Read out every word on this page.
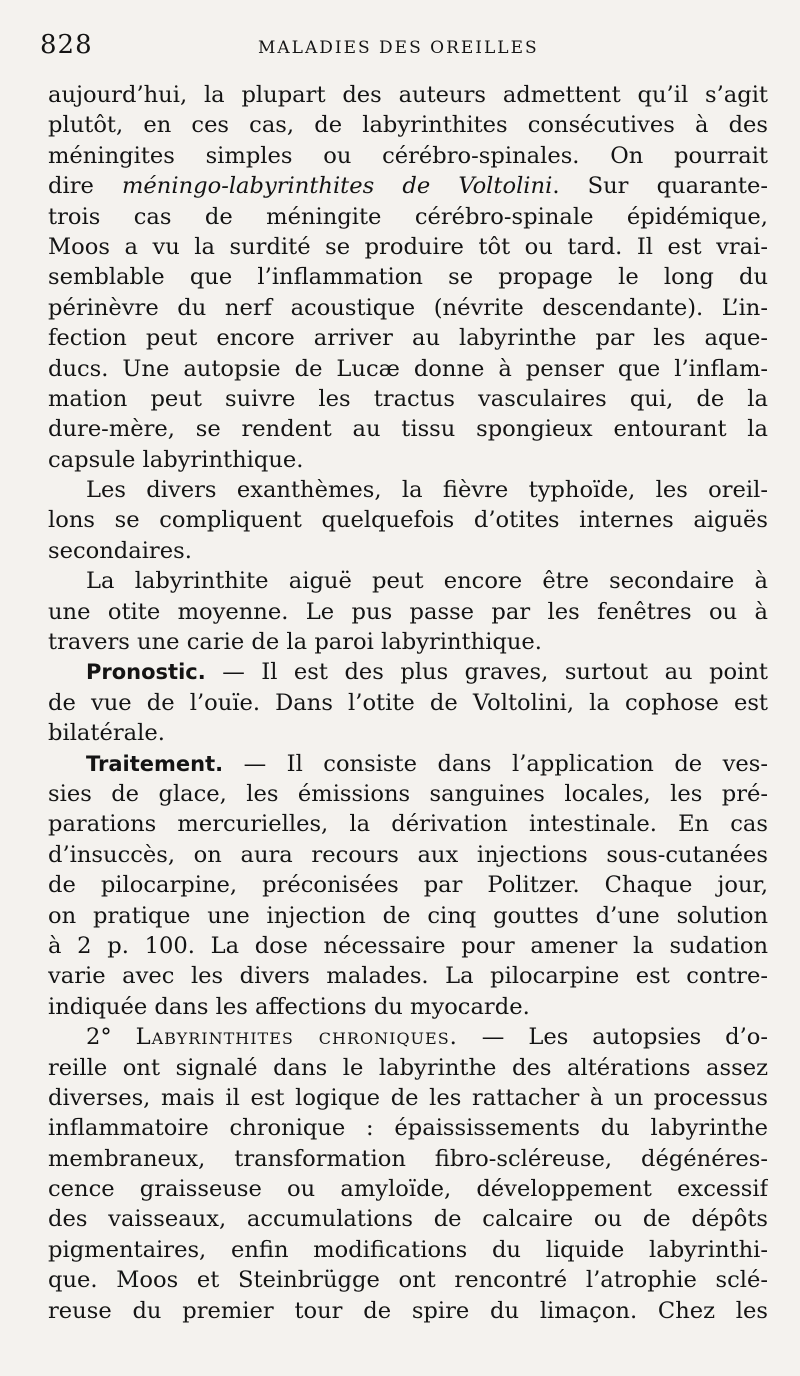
828	MALADIES DES OREILLES
aujourd’hui, la plupart des auteurs admettent qu’il s’agit
plutôt, en ces cas, de labyrinthites consécutives à des
méningites simples ou cérébro-spinales. On pourrait
dire méningo-labyrinthites de Voltolini. Sur quarante-
trois cas de méningite cérébro-spinale épidémique,
Moos a vu la surdité se produire tôt ou tard. Il est vrai-
semblable que l’inflammation se propage le long du
périnèvre du nerf acoustique (névrite descendante). L’in-
fection peut encore arriver au labyrinthe par les aque-
ducs. Une autopsie de Lucæ donne à penser que l’inflam-
mation peut suivre les tractus vasculaires qui, de la
dure-mère, se rendent au tissu spongieux entourant la
capsule labyrinthique.
Les divers exanthèmes, la fièvre typhoïde, les oreil-
lons se compliquent quelquefois d’otites internes aiguës
secondaires.
La labyrinthite aiguë peut encore être secondaire à
une otite moyenne. Le pus passe par les fenêtres ou à
travers une carie de la paroi labyrinthique.
Pronostic. — Il est des plus graves, surtout au point
de vue de l’ouïe. Dans l’otite de Voltolini, la cophose est
bilatérale.
Traitement. — Il consiste dans l’application de ves-
sies de glace, les émissions sanguines locales, les pré-
parations mercurielles, la dérivation intestinale. En cas
d’insuccès, on aura recours aux injections sous-cutanées
de pilocarpine, préconisées par Politzer. Chaque jour,
on pratique une injection de cinq gouttes d’une solution
à 2 p. 100. La dose nécessaire pour amener la sudation
varie avec les divers malades. La pilocarpine est contre-
indiquée dans les affections du myocarde.
2° Labyrinthites chroniques. — Les autopsies d’o-
reille ont signalé dans le labyrinthe des altérations assez
diverses, mais il est logique de les rattacher à un processus
inflammatoire chronique : épaississements du labyrinthe
membraneux, transformation fibro-scléreuse, dégénéres-
cence graisseuse ou amyloïde, développement excessif
des vaisseaux, accumulations de calcaire ou de dépôts
pigmentaires, enfin modifications du liquide labyrinthi-
que. Moos et Steinbrügge ont rencontré l’atrophie sclé-
reuse du premier tour de spire du limaçon. Chez les
